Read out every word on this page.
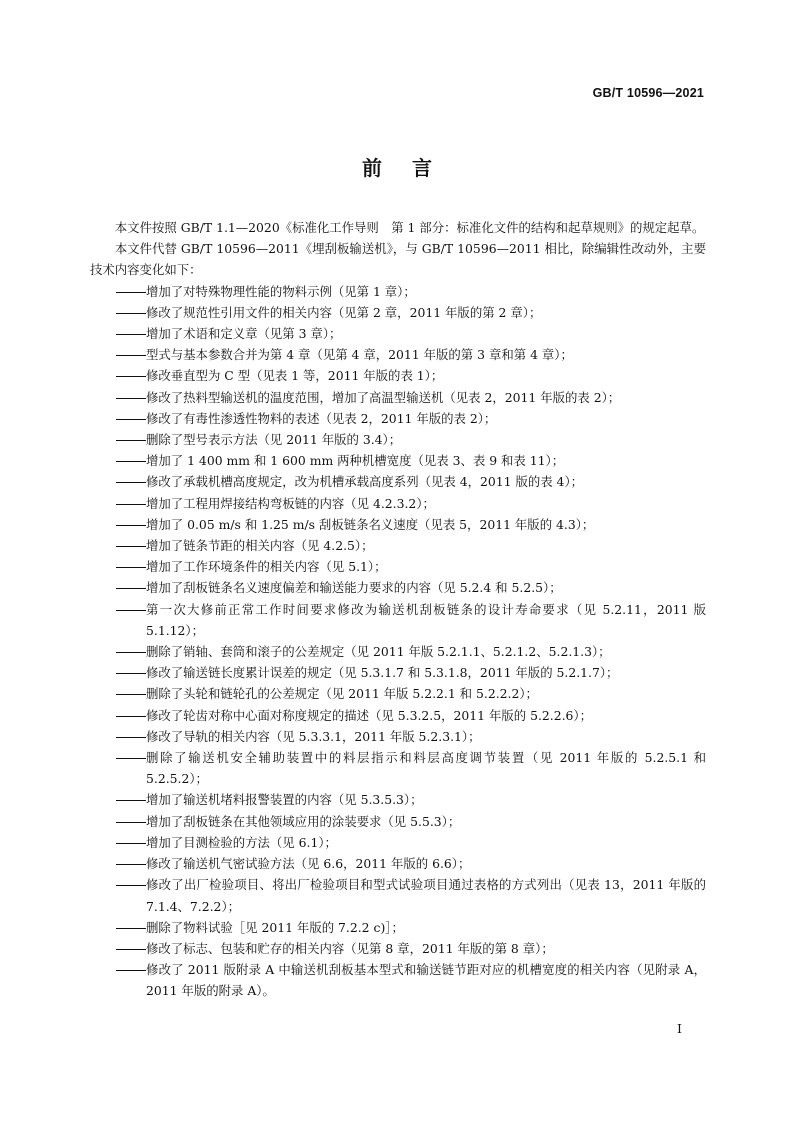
GB/T 10596—2021
前言

本文件按照 GB/T 1.1—2020《标准化工作导则　第 1 部分：标准化文件的结构和起草规则》的规定起草。

本文件代替 GB/T 10596—2011《埋刮板输送机》，与 GB/T 10596—2011 相比，除编辑性改动外，主要技术内容变化如下：

增加了对特殊物理性能的物料示例（见第 1 章）；
修改了规范性引用文件的相关内容（见第 2 章，2011 年版的第 2 章）；
增加了术语和定义章（见第 3 章）；
型式与基本参数合并为第 4 章（见第 4 章，2011 年版的第 3 章和第 4 章）；
修改垂直型为 C 型（见表 1 等，2011 年版的表 1）；
修改了热料型输送机的温度范围，增加了高温型输送机（见表 2，2011 年版的表 2）；
修改了有毒性渗透性物料的表述（见表 2，2011 年版的表 2）；
删除了型号表示方法（见 2011 年版的 3.4）；
增加了 1 400 mm 和 1 600 mm 两种机槽宽度（见表 3、表 9 和表 11）；
修改了承载机槽高度规定，改为机槽承载高度系列（见表 4，2011 版的表 4）；
增加了工程用焊接结构弯板链的内容（见 4.2.3.2）；
增加了 0.05 m/s 和 1.25 m/s 刮板链条名义速度（见表 5，2011 年版的 4.3）；
增加了链条节距的相关内容（见 4.2.5）；
增加了工作环境条件的相关内容（见 5.1）；
增加了刮板链条名义速度偏差和输送能力要求的内容（见 5.2.4 和 5.2.5）；
第一次大修前正常工作时间要求修改为输送机刮板链条的设计寿命要求（见 5.2.11，2011 版 5.1.12）；
删除了销轴、套筒和滚子的公差规定（见 2011 年版 5.2.1.1、5.2.1.2、5.2.1.3）；
修改了输送链长度累计误差的规定（见 5.3.1.7 和 5.3.1.8，2011 年版的 5.2.1.7）；
删除了头轮和链轮孔的公差规定（见 2011 年版 5.2.2.1 和 5.2.2.2）；
修改了轮齿对称中心面对称度规定的描述（见 5.3.2.5，2011 年版的 5.2.2.6）；
修改了导轨的相关内容（见 5.3.3.1，2011 年版 5.2.3.1）；
删除了输送机安全辅助装置中的料层指示和料层高度调节装置（见 2011 年版的 5.2.5.1 和 5.2.5.2）；
增加了输送机堵料报警装置的内容（见 5.3.5.3）；
增加了刮板链条在其他领域应用的涂装要求（见 5.5.3）；
增加了目测检验的方法（见 6.1）；
修改了输送机气密试验方法（见 6.6，2011 年版的 6.6）；
修改了出厂检验项目、将出厂检验项目和型式试验项目通过表格的方式列出（见表 13，2011 年版的 7.1.4、7.2.2）；
删除了物料试验［见 2011 年版的 7.2.2 c)］；
修改了标志、包装和贮存的相关内容（见第 8 章，2011 年版的第 8 章）；
修改了 2011 版附录 A 中输送机刮板基本型式和输送链节距对应的机槽宽度的相关内容（见附录 A，2011 年版的附录 A）。
I
